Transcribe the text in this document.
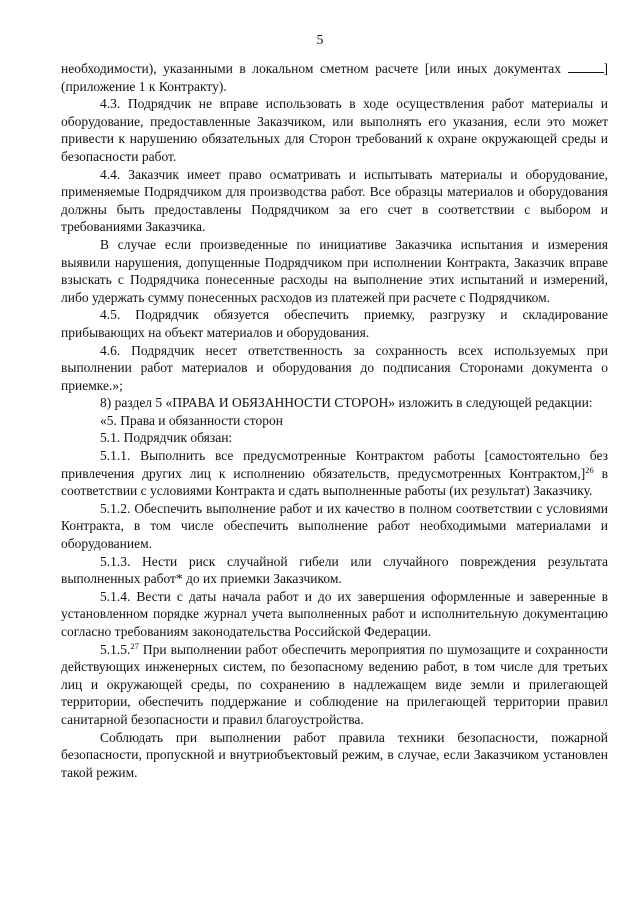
5

необходимости), указанными в локальном сметном расчете [или иных документах	] (приложение 1 к Контракту).

4.3. Подрядчик не вправе использовать в ходе осуществления работ материалы и оборудование, предоставленные Заказчиком, или выполнять его указания, если это может привести к нарушению обязательных для Сторон требований к охране окружающей среды и безопасности работ.

4.4. Заказчик имеет право осматривать и испытывать материалы и оборудование, применяемые Подрядчиком для производства работ. Все образцы материалов и оборудования должны быть предоставлены Подрядчиком за его счет в соответствии с выбором и требованиями Заказчика.

В случае если произведенные по инициативе Заказчика испытания и измерения выявили нарушения, допущенные Подрядчиком при исполнении Контракта, Заказчик вправе взыскать с Подрядчика понесенные расходы на выполнение этих испытаний и измерений, либо удержать сумму понесенных расходов из платежей при расчете с Подрядчиком.

4.5. Подрядчик обязуется обеспечить приемку, разгрузку и складирование прибывающих на объект материалов и оборудования.

4.6. Подрядчик несет ответственность за сохранность всех используемых при выполнении работ материалов и оборудования до подписания Сторонами документа о приемке.»;

8) раздел 5 «ПРАВА И ОБЯЗАННОСТИ СТОРОН» изложить в следующей редакции:

«5. Права и обязанности сторон

5.1. Подрядчик обязан:

5.1.1. Выполнить все предусмотренные Контрактом работы [самостоятельно без привлечения других лиц к исполнению обязательств, предусмотренных Контрактом,]$^{26}$ в соответствии с условиями Контракта и сдать выполненные работы (их результат) Заказчику.

5.1.2. Обеспечить выполнение работ и их качество в полном соответствии с условиями Контракта, в том числе обеспечить выполнение работ необходимыми материалами и оборудованием.

5.1.3. Нести риск случайной гибели или случайного повреждения результата выполненных работ* до их приемки Заказчиком.

5.1.4. Вести с даты начала работ и до их завершения оформленные и заверенные в установленном порядке журнал учета выполненных работ и исполнительную документацию согласно требованиям законодательства Российской Федерации.

5.1.5.27 При выполнении работ обеспечить мероприятия по шумозащите и сохранности действующих инженерных систем, по безопасному ведению работ, в том числе для третьих лиц и окружающей среды, по сохранению в надлежащем виде земли и прилегающей территории, обеспечить поддержание и соблюдение на прилегающей территории правил санитарной безопасности и правил благоустройства.

Соблюдать при выполнении работ правила техники безопасности, пожарной безопасности, пропускной и внутриобъектовый режим, в случае, если Заказчиком установлен такой режим.
